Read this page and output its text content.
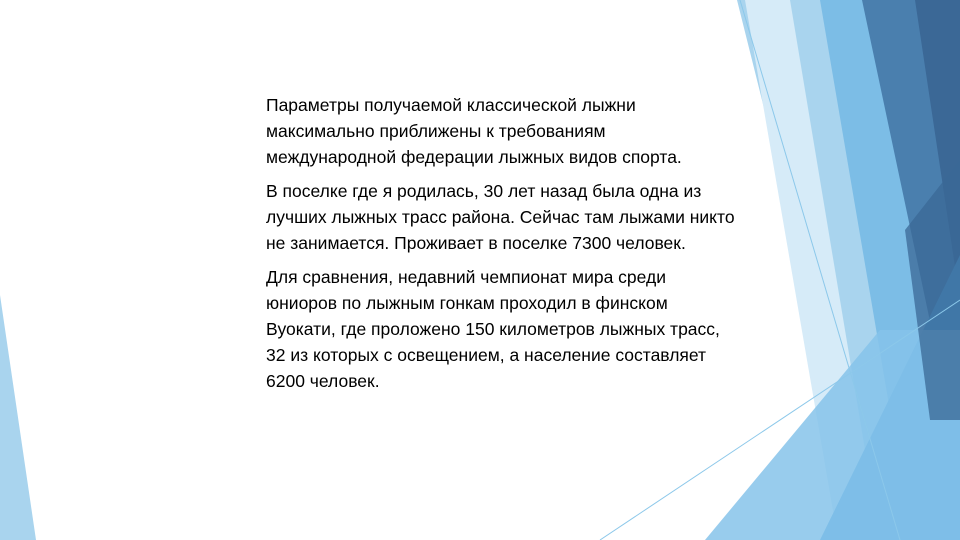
Параметры получаемой классической лыжни максимально приближены к требованиям международной федерации лыжных видов спорта.

В поселке где я родилась, 30 лет назад была одна из лучших лыжных трасс района. Сейчас там лыжами никто не занимается. Проживает в поселке 7300 человек.

Для сравнения, недавний чемпионат мира среди юниоров по лыжным гонкам проходил в финском Вуокати, где проложено 150 километров лыжных трасс, 32 из которых с освещением, а население составляет 6200 человек.
